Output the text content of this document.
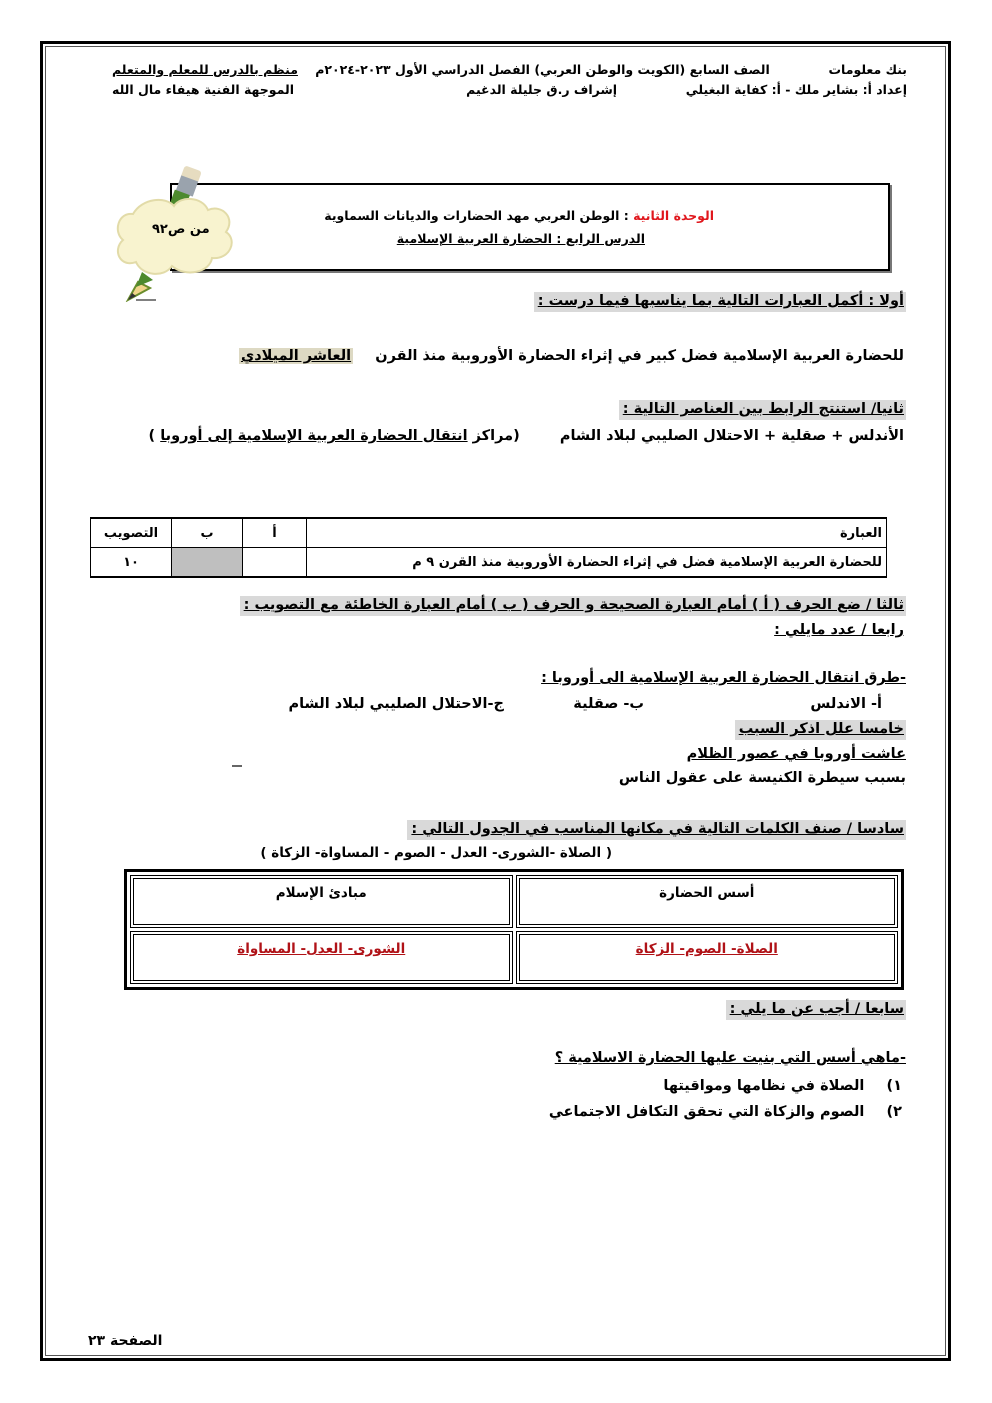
بنك معلومات  الصف السابع (الكويت والوطن العربي) الفصل الدراسي الأول ٢٠٢٣-٢٠٢٤م
إعداد أ: بشاير ملك - أ: كفاية البغيلي  إشراف ر.ق جليلة الدغيم
منظم بالدرس للمعلم والمتعلم
الموجهة الفنية هيفاء مال الله
الوحدة الثانية : الوطن العربي مهد الحضارات والديانات السماوية
الدرس الرابع : الحضارة العربية الإسلامية
من ص٩٢
أولا : أكمل العبارات التالية بما يناسبها فيما درست :
للحضارة العربية الإسلامية فضل كبير في إثراء الحضارة الأوروبية منذ القرن  العاشر الميلادي
ثانيا/ استنتج الرابط بين العناصر التالية :
الأندلس + صقلية + الاحتلال الصليبي لبلاد الشام  (مراكز انتقال الحضارة العربية الإسلامية إلى أوروبا )
العبارة	أ	ب	التصويب
للحضارة العربية الإسلامية فضل في إثراء الحضارة الأوروبية منذ القرن ٩ م			١٠
ثالثا / ضع الحرف ( أ ) أمام العبارة الصحيحة و الحرف ( ب ) أمام العبارة الخاطئة مع التصويب :
رابعا / عدد مايلي :
-طرق انتقال الحضارة العربية الإسلامية الى أوروبا :
أ- الاندلس
ب- صقلية
ج-الاحتلال الصليبي لبلاد الشام
خامسا علل اذكر السبب
عاشت أوروبا في عصور الظلام
بسبب سيطرة الكنيسة على عقول الناس
سادسا / صنف الكلمات التالية في مكانها المناسب في الجدول التالي :
( الصلاة -الشورى- العدل - الصوم - المساواة- الزكاة )
أسس الحضارة	مبادئ الإسلام
الصلاة- الصوم- الزكاة	الشورى- العدل- المساواة
سابعا / أجب عن ما يلي :
-ماهي أسس التي بنيت عليها الحضارة الاسلامية ؟
١)  الصلاة في نظامها ومواقيتها
٢)  الصوم والزكاة التي تحقق التكافل الاجتماعي
الصفحة ٢٣
